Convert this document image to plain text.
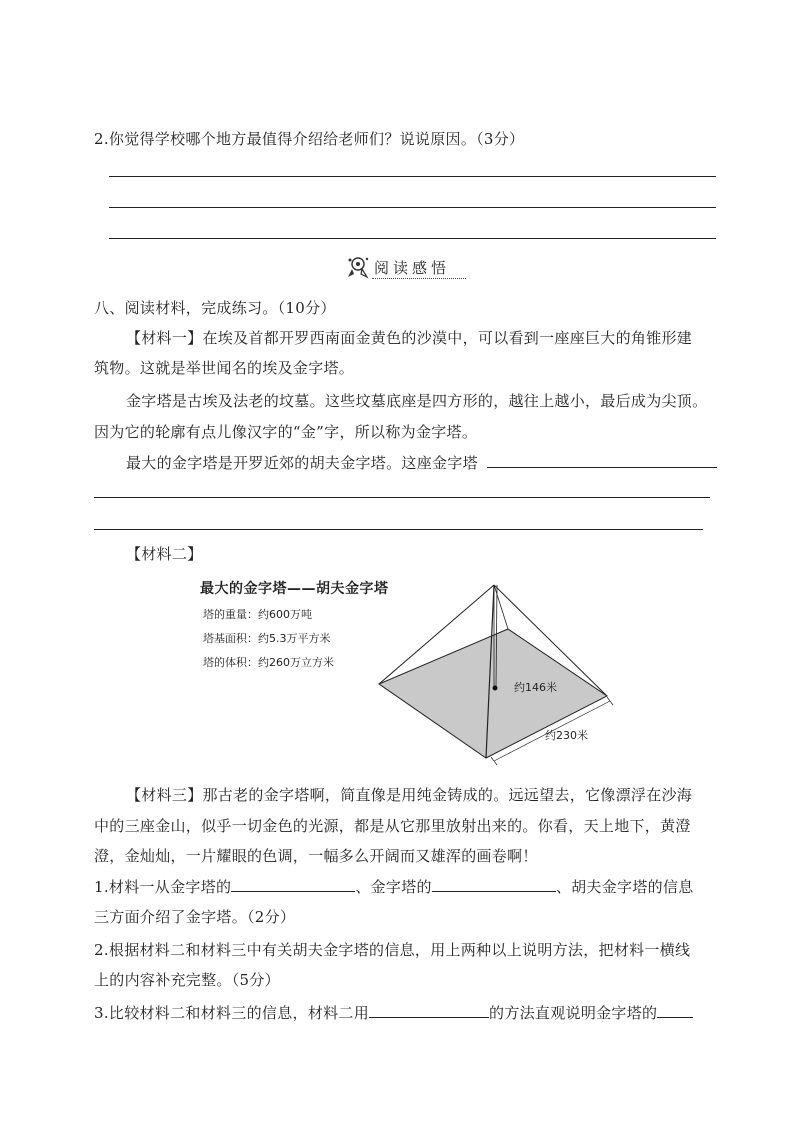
2.你觉得学校哪个地方最值得介绍给老师们？说说原因。（3分）
阅读感悟
八、阅读材料，完成练习。（10分）
【材料一】在埃及首都开罗西南面金黄色的沙漠中，可以看到一座座巨大的角锥形建
筑物。这就是举世闻名的埃及金字塔。
金字塔是古埃及法老的坟墓。这些坟墓底座是四方形的，越往上越小，最后成为尖顶。
因为它的轮廓有点儿像汉字的“金”字，所以称为金字塔。
最大的金字塔是开罗近郊的胡夫金字塔。这座金字塔
【材料二】
最大的金字塔——胡夫金字塔
塔的重量：约600万吨
塔基面积：约5.3万平方米
塔的体积：约260万立方米
约146米
约230米
【材料三】那古老的金字塔啊，简直像是用纯金铸成的。远远望去，它像漂浮在沙海
中的三座金山，似乎一切金色的光源，都是从它那里放射出来的。你看，天上地下，黄澄
澄，金灿灿，一片耀眼的色调，一幅多么开阔而又雄浑的画卷啊！
1.材料一从金字塔的	、金字塔的	、胡夫金字塔的信息
三方面介绍了金字塔。（2分）
2.根据材料二和材料三中有关胡夫金字塔的信息，用上两种以上说明方法，把材料一横线
上的内容补充完整。（5分）
3.比较材料二和材料三的信息，材料二用	的方法直观说明金字塔的
